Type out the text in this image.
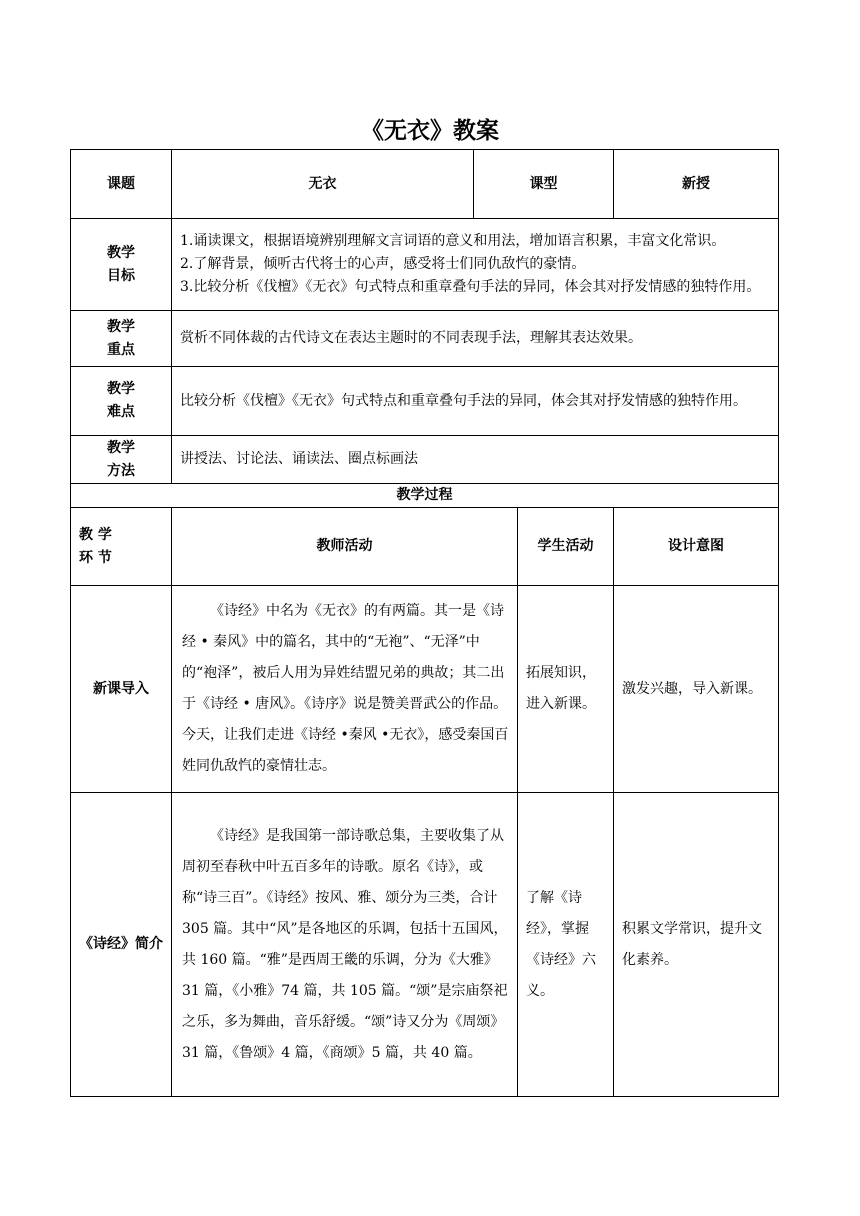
《无衣》教案
课题	无衣	课型		新授

教学
目标	1.诵读课文，根据语境辨别理解文言词语的意义和用法，增加语言积累，丰富文化常识。
2.了解背景，倾听古代将士的心声，感受将士们同仇敌忾的豪情。
3.比较分析《伐檀》《无衣》句式特点和重章叠句手法的异同，体会其对抒发情感的独特作用。			

教学
重点	赏析不同体裁的古代诗文在表达主题时的不同表现手法，理解其表达效果。			

教学
难点	比较分析《伐檀》《无衣》句式特点和重章叠句手法的异同，体会其对抒发情感的独特作用。			

教学
方法	讲授法、讨论法、诵读法、圈点标画法			
教学过程				

教 学
环 节	教师活动		学生活动	设计意图
新课导入	《诗经》中名为《无衣》的有两篇。其一是《诗经 • 秦风》中的篇名，其中的“无袍”、“无泽”中的“袍泽”，被后人用为异姓结盟兄弟的典故；其二出于《诗经 • 唐风》。《诗序》说是赞美晋武公的作品。今天，让我们走进《诗经 •秦风 •无衣》，感受秦国百姓同仇敌忾的豪情壮志。		拓展知识，进入新课。	激发兴趣，导入新课。
《诗经》简介	《诗经》是我国第一部诗歌总集，主要收集了从周初至春秋中叶五百多年的诗歌。原名《诗》，或称“诗三百”。《诗经》按风、雅、颂分为三类，合计 305 篇。其中“风”是各地区的乐调，包括十五国风，共 160 篇。“雅”是西周王畿的乐调，分为《大雅》31 篇，《小雅》74 篇，共 105 篇。“颂”是宗庙祭祀之乐，多为舞曲，音乐舒缓。“颂”诗又分为《周颂》31 篇，《鲁颂》4 篇，《商颂》5 篇，共 40 篇。		了解《诗经》，掌握《诗经》六义。	积累文学常识，提升文化素养。
